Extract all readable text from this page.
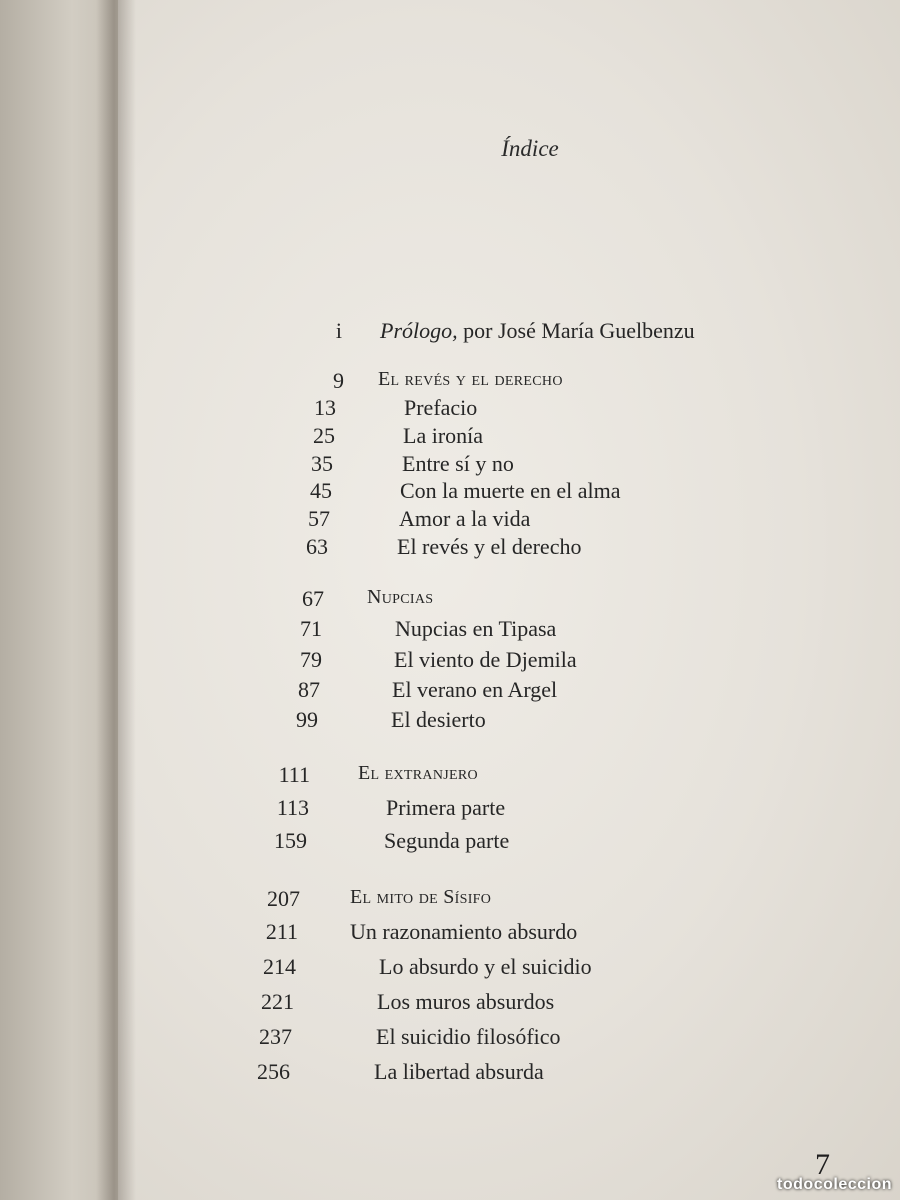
Índice
i Prólogo, por José María Guelbenzu
9 El revés y el derecho
13	Prefacio
25	La ironía
35	Entre sí y no
45	Con la muerte en el alma
57	Amor a la vida
63	El revés y el derecho
67 Nupcias
71	Nupcias en Tipasa
79	El viento de Djemila
87	El verano en Argel
99	El desierto
111 El extranjero
113	Primera parte
159	Segunda parte
207	El mito de Sísifo
211 Un razonamiento absurdo
214	Lo absurdo y el suicidio
221	Los muros absurdos
237	El suicidio filosófico
256	La libertad absurda
7
todocoleccion
